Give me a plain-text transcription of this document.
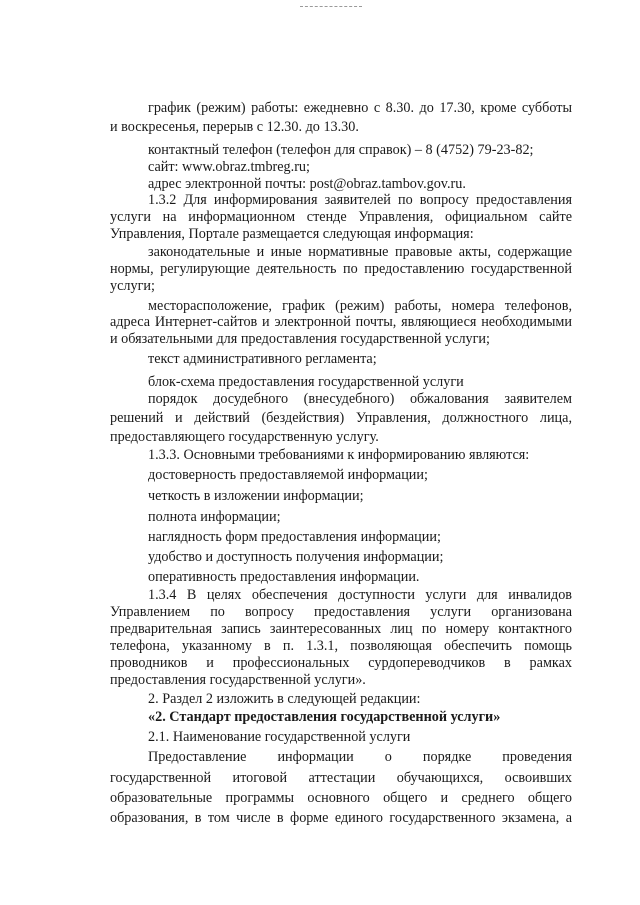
график (режим) работы: ежедневно с 8.30. до 17.30, кроме субботы
и воскресенья, перерыв с 12.30. до 13.30.
контактный телефон (телефон для справок) – 8 (4752) 79-23-82;
сайт: www.obraz.tmbreg.ru;
адрес электронной почты: post@obraz.tambov.gov.ru.
1.3.2 Для информирования заявителей по вопросу предоставления
услуги на информационном стенде Управления, официальном сайте
Управления, Портале размещается следующая информация:
законодательные и иные нормативные правовые акты, содержащие
нормы, регулирующие деятельность по предоставлению государственной
услуги;
месторасположение, график (режим) работы, номера телефонов,
адреса Интернет-сайтов и электронной почты, являющиеся необходимыми
и обязательными для предоставления государственной услуги;
текст административного регламента;
блок-схема предоставления государственной услуги
порядок досудебного (внесудебного) обжалования заявителем
решений и действий (бездействия) Управления, должностного лица,
предоставляющего государственную услугу.
1.3.3. Основными требованиями к информированию являются:
достоверность предоставляемой информации;
четкость в изложении информации;
полнота информации;
наглядность форм предоставления информации;
удобство и доступность получения информации;
оперативность предоставления информации.
1.3.4 В целях обеспечения доступности услуги для инвалидов
Управлением по вопросу предоставления услуги организована
предварительная запись заинтересованных лиц по номеру контактного
телефона, указанному в п. 1.3.1, позволяющая обеспечить помощь
проводников и профессиональных сурдопереводчиков в рамках
предоставления государственной услуги».
2. Раздел 2 изложить в следующей редакции:
«2. Стандарт предоставления государственной услуги»
2.1. Наименование государственной услуги
Предоставление информации о порядке проведения
государственной итоговой аттестации обучающихся, освоивших
образовательные программы основного общего и среднего общего
образования, в том числе в форме единого государственного экзамена, а
